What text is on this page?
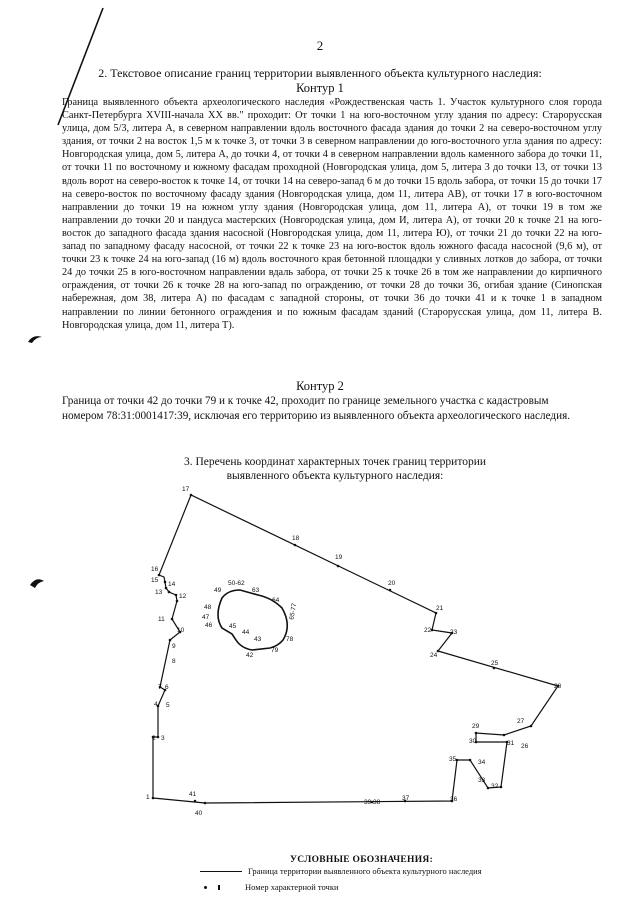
2
2. Текстовое описание границ территории выявленного объекта культурного наследия:
Контур 1
Граница выявленного объекта археологического наследия «Рождественская часть 1. Участок культурного слоя города Санкт-Петербурга XVIII-начала XX вв." проходит: От точки 1 на юго-восточном углу здания по адресу: Старорусская улица, дом 5/3, литера А, в северном направлении вдоль восточного фасада здания до точки 2 на северо-восточном углу здания, от точки 2 на восток 1,5 м к точке 3, от точки 3 в северном направлении до юго-восточного угла здания по адресу: Новгородская улица, дом 5, литера А, до точки 4, от точки 4 в северном направлении вдоль каменного забора до точки 11, от точки 11 по восточному и южному фасадам проходной (Новгородская улица, дом 5, литера 3 до точки 13, от точки 13 вдоль ворот на северо-восток к точке 14, от точки 14 на северо-запад 6 м до точки 15 вдоль забора, от точки 15 до точки 17 на северо-восток по восточному фасаду здания (Новгородская улица, дом 11, литера АВ), от точки 17 в юго-восточном направлении до точки 19 на южном углу здания (Новгородская улица, дом 11, литера А), от точки 19 в том же направлении до точки 20 и пандуса мастерских (Новгородская улица, дом И, литера А), от точки 20 к точке 21 на юго-восток до западного фасада здания насосной (Новгородская улица, дом 11, литера Ю), от точки 21 до точки 22 на юго-запад по западному фасаду насосной, от точки 22 к точке 23 на юго-восток вдоль южного фасада насосной (9,6 м), от точки 23 к точке 24 на юго-запад (16 м) вдоль восточного края бетонной площадки у сливных лотков до забора, от точки 24 до точки 25 в юго-восточном направлении вдаль забора, от точки 25 к точке 26 в том же направлении до кирпичного ограждения, от точки 26 к точке 28 на юго-запад по ограждению, от точки 28 до точки 36, огибая здание (Синопская набережная, дом 38, литера А) по фасадам с западной стороны, от точки 36 до точки 41 и к точке 1 в западном направлении по линии бетонного ограждения и по южным фасадам зданий (Старорусская улица, дом 11, литера В. Новгородская улица, дом 11, литера Т).
Контур 2
Граница от точки 42 до точки 79 и к точке 42, проходит по границе земельного участка с кадастровым номером 78:31:0001417:39, исключая его территорию из выявленного объекта археологического наследия.
3. Перечень координат характерных точек границ территории
выявленного объекта культурного наследия:
1
2 3
4 5
6
7
8
9
10
11
12
13
14
15
16
17
18
19
20
21
22	23
24
25
28
27
29
30	31 26
32
33
34
35
36
37
39 38
40
41
42
43
44
45
46
47
48
49
50-62
63
64
65-77
78
79
УСЛОВНЫЕ ОБОЗНАЧЕНИЯ:
Граница территории выявленного объекта культурного наследия
Номер характерной точки
